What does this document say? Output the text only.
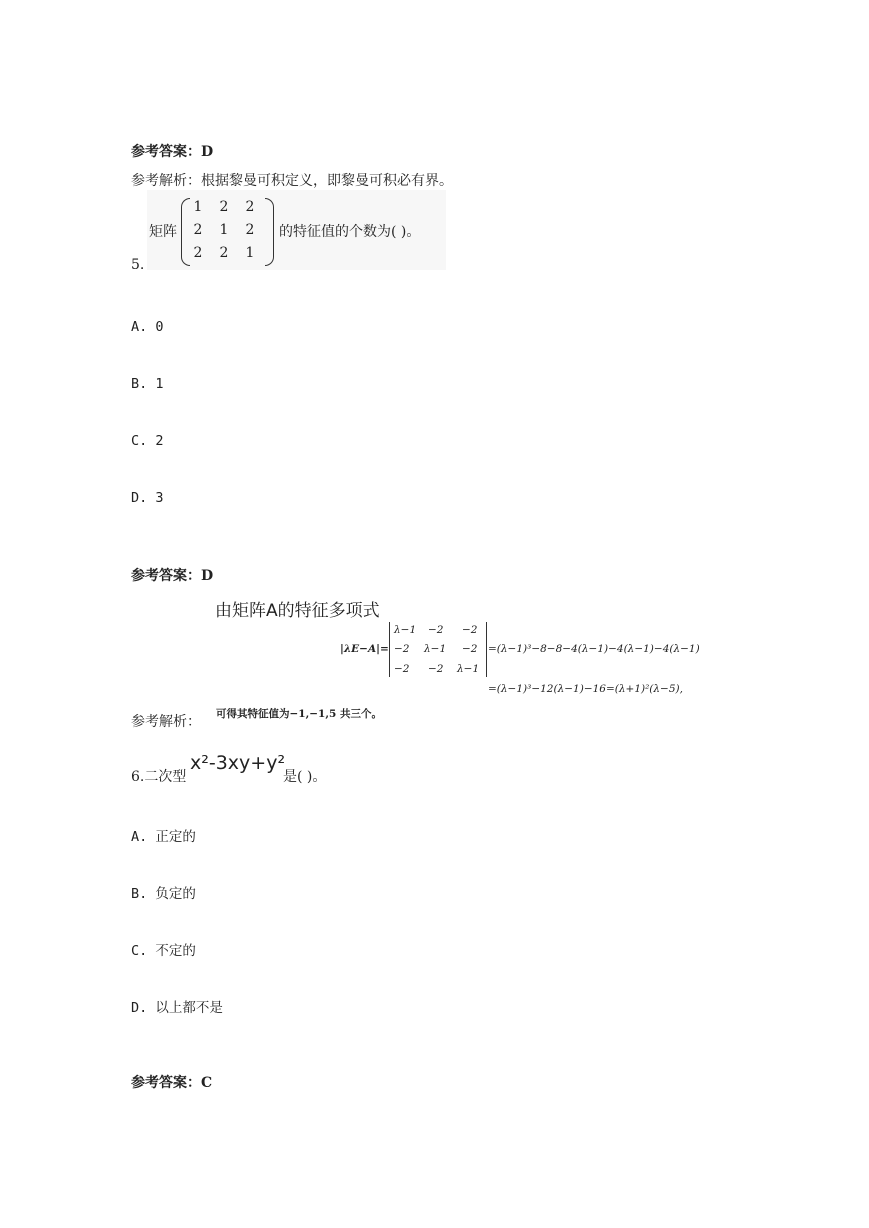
参考答案：D
参考解析：根据黎曼可积定义，即黎曼可积必有界。
5.
矩阵
1 2 2
2 1 2
2 2 1
的特征值的个数为( )。
A. 0
B. 1
C. 2
D. 3
参考答案：D
由矩阵A的特征多项式
|λE−A|=
λ−1 −2 −2
−2 λ−1 −2
−2 −2 λ−1
=(λ−1)³−8−8−4(λ−1)−4(λ−1)−4(λ−1)
=(λ−1)³−12(λ−1)−16=(λ+1)²(λ−5),
可得其特征值为−1,−1,5 共三个。
参考解析：
6.二次型
x²-3xy+y²
是( )。
A. 正定的
B. 负定的
C. 不定的
D. 以上都不是
参考答案：C
